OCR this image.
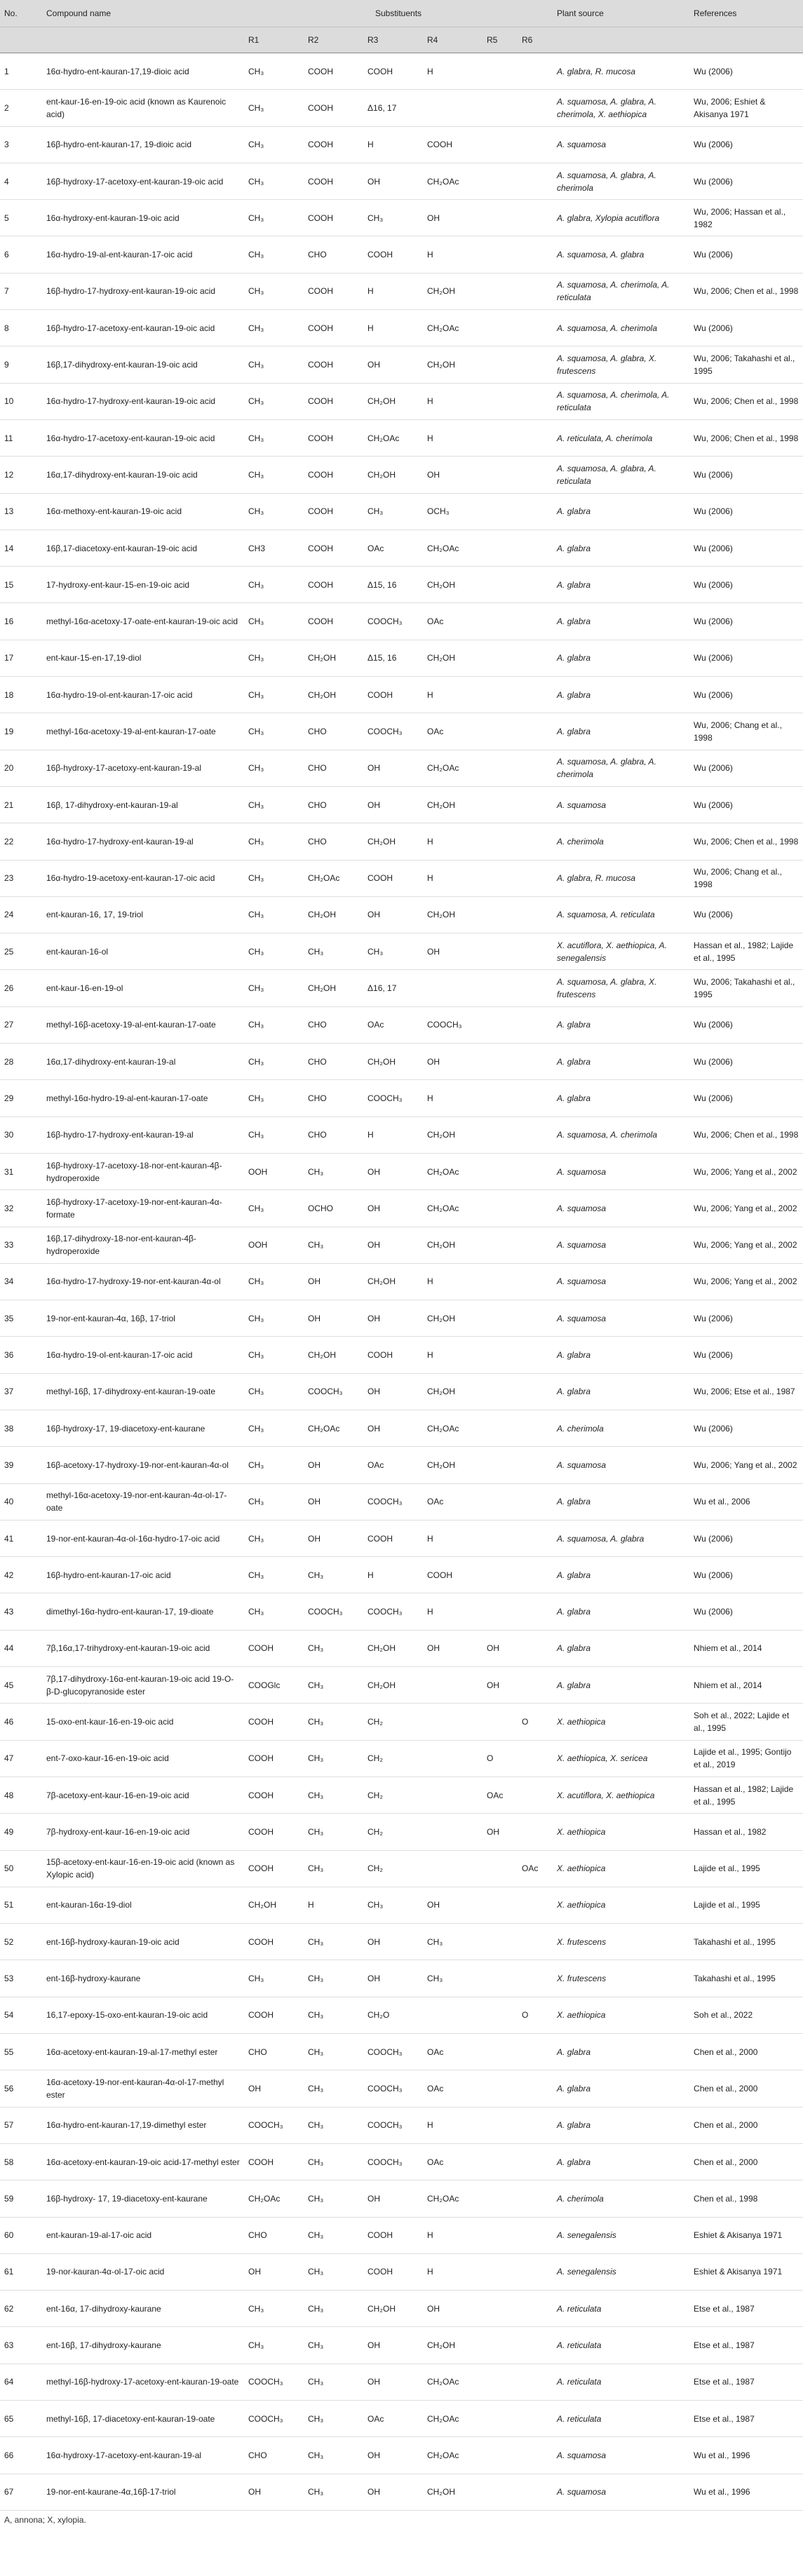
No.	Compound name	Substituents						Plant source	References
		R1	R2	R3	R4	R5	R6		
1	16α-hydro-ent-kauran-17,19-dioic acid	CH₃	COOH	COOH	H			A. glabra, R. mucosa	Wu (2006)
2	ent-kaur-16-en-19-oic acid (known as Kaurenoic acid)	CH₃	COOH	Δ16, 17				A. squamosa, A. glabra, A. cherimola, X. aethiopica	Wu, 2006; Eshiet & Akisanya 1971
3	16β-hydro-ent-kauran-17, 19-dioic acid	CH₃	COOH	H	COOH			A. squamosa	Wu (2006)
4	16β-hydroxy-17-acetoxy-ent-kauran-19-oic acid	CH₃	COOH	OH	CH₂OAc			A. squamosa, A. glabra, A. cherimola	Wu (2006)
5	16α-hydroxy-ent-kauran-19-oic acid	CH₃	COOH	CH₃	OH			A. glabra, Xylopia acutiflora	Wu, 2006; Hassan et al., 1982
6	16α-hydro-19-al-ent-kauran-17-oic acid	CH₃	CHO	COOH	H			A. squamosa, A. glabra	Wu (2006)
7	16β-hydro-17-hydroxy-ent-kauran-19-oic acid	CH₃	COOH	H	CH₂OH			A. squamosa, A. cherimola, A. reticulata	Wu, 2006; Chen et al., 1998
8	16β-hydro-17-acetoxy-ent-kauran-19-oic acid	CH₃	COOH	H	CH₂OAc			A. squamosa, A. cherimola	Wu (2006)
9	16β,17-dihydroxy-ent-kauran-19-oic acid	CH₃	COOH	OH	CH₂OH			A. squamosa, A. glabra, X. frutescens	Wu, 2006; Takahashi et al., 1995
10	16α-hydro-17-hydroxy-ent-kauran-19-oic acid	CH₃	COOH	CH₂OH	H			A. squamosa, A. cherimola, A. reticulata	Wu, 2006; Chen et al., 1998
11	16α-hydro-17-acetoxy-ent-kauran-19-oic acid	CH₃	COOH	CH₂OAc	H			A. reticulata, A. cherimola	Wu, 2006; Chen et al., 1998
12	16α,17-dihydroxy-ent-kauran-19-oic acid	CH₃	COOH	CH₂OH	OH			A. squamosa, A. glabra, A. reticulata	Wu (2006)
13	16α-methoxy-ent-kauran-19-oic acid	CH₃	COOH	CH₃	OCH₃			A. glabra	Wu (2006)
14	16β,17-diacetoxy-ent-kauran-19-oic acid	CH3	COOH	OAc	CH₂OAc			A. glabra	Wu (2006)
15	17-hydroxy-ent-kaur-15-en-19-oic acid	CH₃	COOH	Δ15, 16	CH₂OH			A. glabra	Wu (2006)
16	methyl-16α-acetoxy-17-oate-ent-kauran-19-oic acid	CH₃	COOH	COOCH₃	OAc			A. glabra	Wu (2006)
17	ent-kaur-15-en-17,19-diol	CH₃	CH₂OH	Δ15, 16	CH₂OH			A. glabra	Wu (2006)
18	16α-hydro-19-ol-ent-kauran-17-oic acid	CH₃	CH₂OH	COOH	H			A. glabra	Wu (2006)
19	methyl-16α-acetoxy-19-al-ent-kauran-17-oate	CH₃	CHO	COOCH₃	OAc			A. glabra	Wu, 2006; Chang et al., 1998
20	16β-hydroxy-17-acetoxy-ent-kauran-19-al	CH₃	CHO	OH	CH₂OAc			A. squamosa, A. glabra, A. cherimola	Wu (2006)
21	16β, 17-dihydroxy-ent-kauran-19-al	CH₃	CHO	OH	CH₂OH			A. squamosa	Wu (2006)
22	16α-hydro-17-hydroxy-ent-kauran-19-al	CH₃	CHO	CH₂OH	H			A. cherimola	Wu, 2006; Chen et al., 1998
23	16α-hydro-19-acetoxy-ent-kauran-17-oic acid	CH₃	CH₂OAc	COOH	H			A. glabra, R. mucosa	Wu, 2006; Chang et al., 1998
24	ent-kauran-16, 17, 19-triol	CH₃	CH₂OH	OH	CH₂OH			A. squamosa, A. reticulata	Wu (2006)
25	ent-kauran-16-ol	CH₃	CH₃	CH₃	OH			X. acutiflora, X. aethiopica, A. senegalensis	Hassan et al., 1982; Lajide et al., 1995
26	ent-kaur-16-en-19-ol	CH₃	CH₂OH	Δ16, 17				A. squamosa, A. glabra, X. frutescens	Wu, 2006; Takahashi et al., 1995
27	methyl-16β-acetoxy-19-al-ent-kauran-17-oate	CH₃	CHO	OAc	COOCH₃			A. glabra	Wu (2006)
28	16α,17-dihydroxy-ent-kauran-19-al	CH₃	CHO	CH₂OH	OH			A. glabra	Wu (2006)
29	methyl-16α-hydro-19-al-ent-kauran-17-oate	CH₃	CHO	COOCH₃	H			A. glabra	Wu (2006)
30	16β-hydro-17-hydroxy-ent-kauran-19-al	CH₃	CHO	H	CH₂OH			A. squamosa, A. cherimola	Wu, 2006; Chen et al., 1998
31	16β-hydroxy-17-acetoxy-18-nor-ent-kauran-4β-hydroperoxide	OOH	CH₃	OH	CH₂OAc			A. squamosa	Wu, 2006; Yang et al., 2002
32	16β-hydroxy-17-acetoxy-19-nor-ent-kauran-4α-formate	CH₃	OCHO	OH	CH₂OAc			A. squamosa	Wu, 2006; Yang et al., 2002
33	16β,17-dihydroxy-18-nor-ent-kauran-4β-hydroperoxide	OOH	CH₃	OH	CH₂OH			A. squamosa	Wu, 2006; Yang et al., 2002
34	16α-hydro-17-hydroxy-19-nor-ent-kauran-4α-ol	CH₃	OH	CH₂OH	H			A. squamosa	Wu, 2006; Yang et al., 2002
35	19-nor-ent-kauran-4α, 16β, 17-triol	CH₃	OH	OH	CH₂OH			A. squamosa	Wu (2006)
36	16α-hydro-19-ol-ent-kauran-17-oic acid	CH₃	CH₂OH	COOH	H			A. glabra	Wu (2006)
37	methyl-16β, 17-dihydroxy-ent-kauran-19-oate	CH₃	COOCH₃	OH	CH₂OH			A. glabra	Wu, 2006; Etse et al., 1987
38	16β-hydroxy-17, 19-diacetoxy-ent-kaurane	CH₃	CH₂OAc	OH	CH₂OAc			A. cherimola	Wu (2006)
39	16β-acetoxy-17-hydroxy-19-nor-ent-kauran-4α-ol	CH₃	OH	OAc	CH₂OH			A. squamosa	Wu, 2006; Yang et al., 2002
40	methyl-16α-acetoxy-19-nor-ent-kauran-4α-ol-17-oate	CH₃	OH	COOCH₃	OAc			A. glabra	Wu et al., 2006
41	19-nor-ent-kauran-4α-ol-16α-hydro-17-oic acid	CH₃	OH	COOH	H			A. squamosa, A. glabra	Wu (2006)
42	16β-hydro-ent-kauran-17-oic acid	CH₃	CH₃	H	COOH			A. glabra	Wu (2006)
43	dimethyl-16α-hydro-ent-kauran-17, 19-dioate	CH₃	COOCH₃	COOCH₃	H			A. glabra	Wu (2006)
44	7β,16α,17-trihydroxy-ent-kauran-19-oic acid	COOH	CH₃	CH₂OH	OH	OH		A. glabra	Nhiem et al., 2014
45	7β,17-dihydroxy-16α-ent-kauran-19-oic acid 19-O-β-D-glucopyranoside ester	COOGlc	CH₃	CH₂OH		OH		A. glabra	Nhiem et al., 2014
46	15-oxo-ent-kaur-16-en-19-oic acid	COOH	CH₃	CH₂			O	X. aethiopica	Soh et al., 2022; Lajide et al., 1995
47	ent-7-oxo-kaur-16-en-19-oic acid	COOH	CH₃	CH₂		O		X. aethiopica, X. sericea	Lajide et al., 1995; Gontijo et al., 2019
48	7β-acetoxy-ent-kaur-16-en-19-oic acid	COOH	CH₃	CH₂		OAc		X. acutiflora, X. aethiopica	Hassan et al., 1982; Lajide et al., 1995
49	7β-hydroxy-ent-kaur-16-en-19-oic acid	COOH	CH₃	CH₂		OH		X. aethiopica	Hassan et al., 1982
50	15β-acetoxy-ent-kaur-16-en-19-oic acid (known as Xylopic acid)	COOH	CH₃	CH₂			OAc	X. aethiopica	Lajide et al., 1995
51	ent-kauran-16α-19-diol	CH₂OH	H	CH₃	OH			X. aethiopica	Lajide et al., 1995
52	ent-16β-hydroxy-kauran-19-oic acid	COOH	CH₃	OH	CH₃			X. frutescens	Takahashi et al., 1995
53	ent-16β-hydroxy-kaurane	CH₃	CH₃	OH	CH₃			X. frutescens	Takahashi et al., 1995
54	16,17-epoxy-15-oxo-ent-kauran-19-oic acid	COOH	CH₃	CH₂O			O	X. aethiopica	Soh et al., 2022
55	16α-acetoxy-ent-kauran-19-al-17-methyl ester	CHO	CH₃	COOCH₃	OAc			A. glabra	Chen et al., 2000
56	16α-acetoxy-19-nor-ent-kauran-4α-ol-17-methyl ester	OH	CH₃	COOCH₃	OAc			A. glabra	Chen et al., 2000
57	16α-hydro-ent-kauran-17,19-dimethyl ester	COOCH₃	CH₃	COOCH₃	H			A. glabra	Chen et al., 2000
58	16α-acetoxy-ent-kauran-19-oic acid-17-methyl ester	COOH	CH₃	COOCH₃	OAc			A. glabra	Chen et al., 2000
59	16β-hydroxy- 17, 19-diacetoxy-ent-kaurane	CH₂OAc	CH₃	OH	CH₂OAc			A. cherimola	Chen et al., 1998
60	ent-kauran-19-al-17-oic acid	CHO	CH₃	COOH	H			A. senegalensis	Eshiet & Akisanya 1971
61	19-nor-kauran-4α-ol-17-oic acid	OH	CH₃	COOH	H			A. senegalensis	Eshiet & Akisanya 1971
62	ent-16α, 17-dihydroxy-kaurane	CH₃	CH₃	CH₂OH	OH			A. reticulata	Etse et al., 1987
63	ent-16β, 17-dihydroxy-kaurane	CH₃	CH₃	OH	CH₂OH			A. reticulata	Etse et al., 1987
64	methyl-16β-hydroxy-17-acetoxy-ent-kauran-19-oate	COOCH₃	CH₃	OH	CH₂OAc			A. reticulata	Etse et al., 1987
65	methyl-16β, 17-diacetoxy-ent-kauran-19-oate	COOCH₃	CH₃	OAc	CH₂OAc			A. reticulata	Etse et al., 1987
66	16α-hydroxy-17-acetoxy-ent-kauran-19-al	CHO	CH₃	OH	CH₂OAc			A. squamosa	Wu et al., 1996
67	19-nor-ent-kaurane-4α,16β-17-triol	OH	CH₃	OH	CH₂OH			A. squamosa	Wu et al., 1996
A, annona; X, xylopia.
